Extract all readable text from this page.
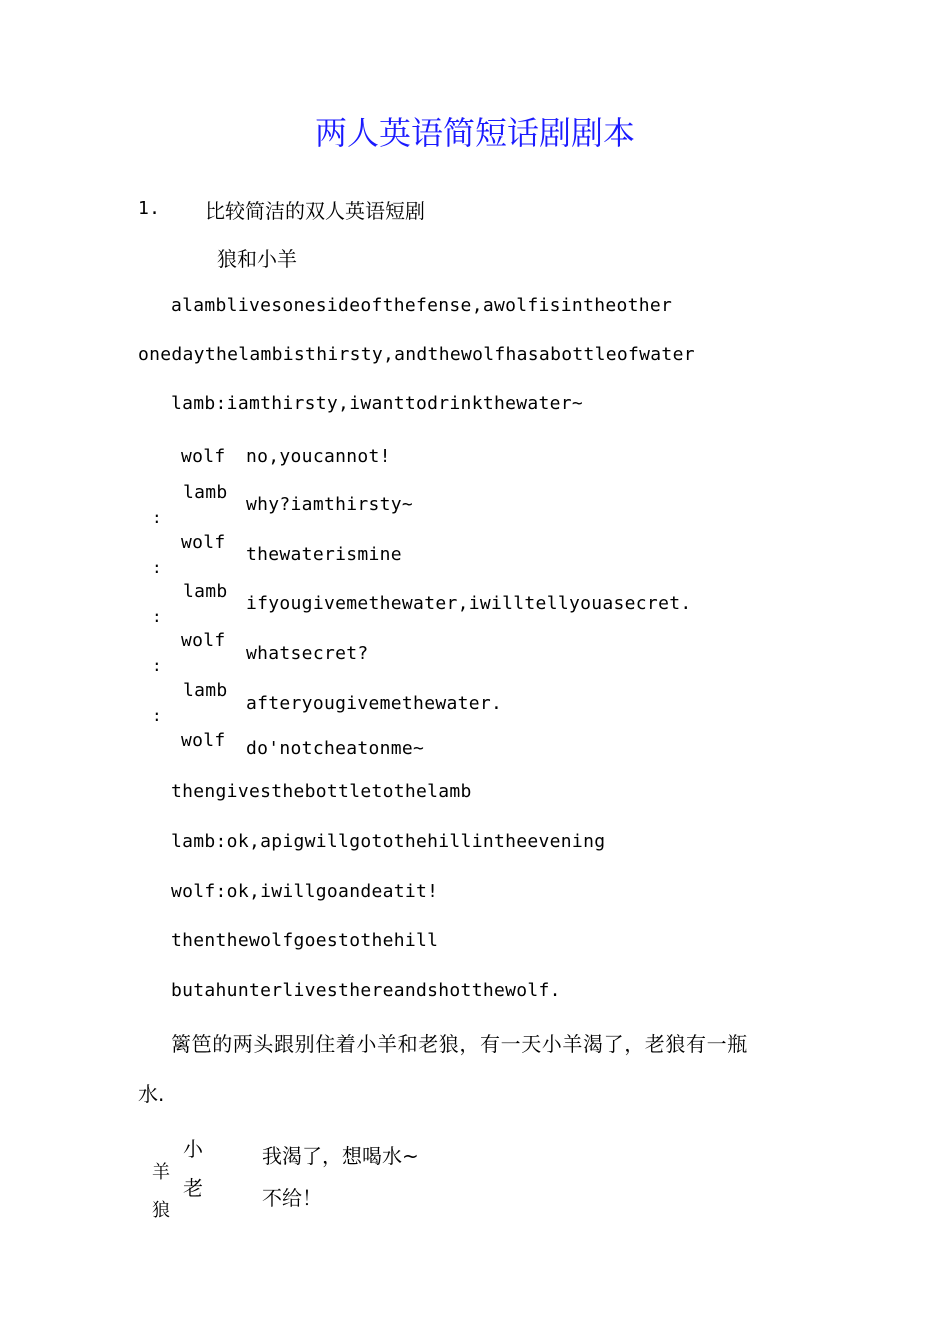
两人英语简短话剧剧本
1. 比较简洁的双人英语短剧
狼和小羊
alamblivesonesideofthefense,awolfisintheother
onedaythelambisthirsty,andthewolfhasabottleofwater
lamb:iamthirsty,iwanttodrinkthewater~
wolf no,youcannot!
lamb
:
why?iamthirsty~
wolf
:
thewaterismine
lamb
:
ifyougivemethewater,iwilltellyouasecret.
wolf
:
whatsecret?
lamb
:
afteryougivemethewater.
wolf do'notcheatonme~
thengivesthebottletothelamb
lamb:ok,apigwillgotothehillintheevening
wolf:ok,iwillgoandeatit!
thenthewolfgoestothehill
butahunterlivesthereandshotthewolf.
篱笆的两头跟别住着小羊和老狼，有一天小羊渴了，老狼有一瓶
水.
小	我渴了，想喝水~
羊
老	不给！
狼
